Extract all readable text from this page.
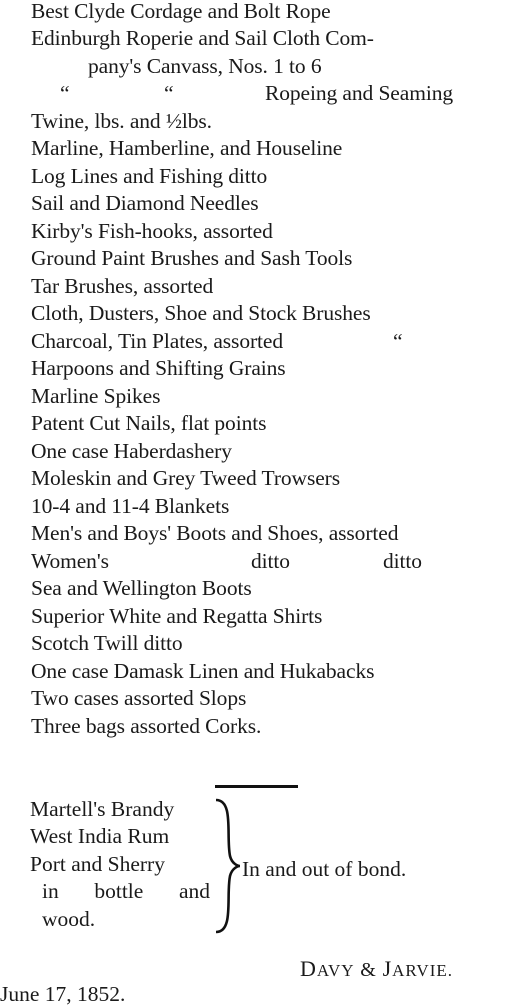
Best Clyde Cordage and Bolt Rope
Edinburgh Roperie and Sail Cloth Com-
pany's Canvass, Nos. 1 to 6
“	“	Ropeing and Seaming
Twine, lbs. and ½lbs.
Marline, Hamberline, and Houseline
Log Lines and Fishing ditto
Sail and Diamond Needles
Kirby's Fish-hooks, assorted
Ground Paint Brushes and Sash Tools
Tar Brushes, assorted
Cloth, Dusters, Shoe and Stock Brushes
Charcoal, Tin Plates, assorted	“
Harpoons and Shifting Grains
Marline Spikes
Patent Cut Nails, flat points
One case Haberdashery
Moleskin and Grey Tweed Trowsers
10-4 and 11-4 Blankets
Men's and Boys' Boots and Shoes, assorted
Women's	ditto	ditto
Sea and Wellington Boots
Superior White and Regatta Shirts
Scotch Twill ditto
One case Damask Linen and Hukabacks
Two cases assorted Slops
Three bags assorted Corks.
Martell's Brandy
West India Rum
Port and Sherry
in bottle and
wood.
In and out of bond.
DAVY & JARVIE.
June 17, 1852.
